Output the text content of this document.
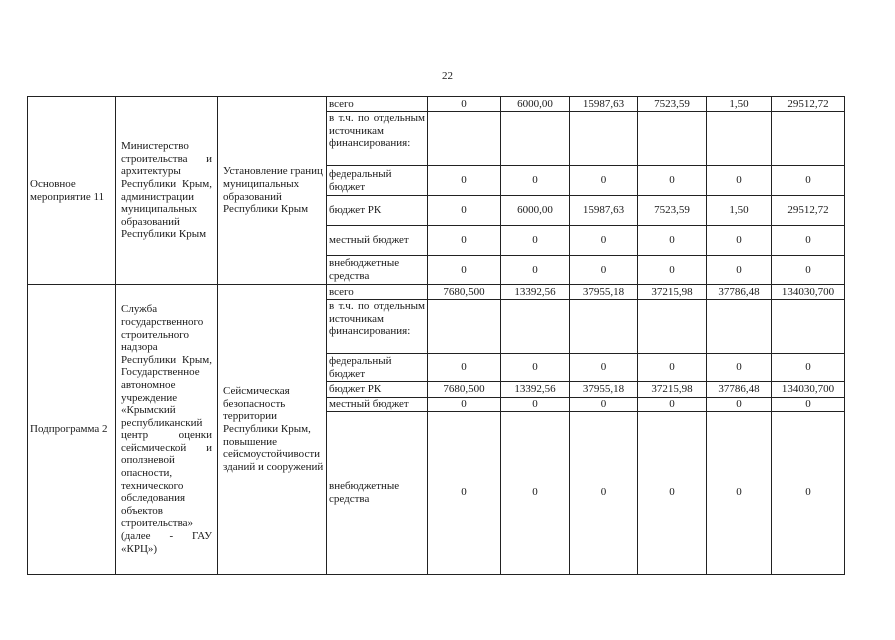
22
Основное мероприятие 11	Министерство строительства и архитектуры Республики Крым, администрации муниципальных образований Республики Крым	Установление границ муниципальных образований Республики Крым	всего	0	6000,00	15987,63	7523,59	1,50	29512,72
			в т.ч. по отдельным источникам финансирования:						
			федеральный бюджет	0	0	0	0	0	0
			бюджет РК	0	6000,00	15987,63	7523,59	1,50	29512,72
			местный бюджет	0	0	0	0	0	0
			внебюджетные средства	0	0	0	0	0	0
Подпрограмма 2	Служба государственного строительного надзора Республики Крым, Государственное автономное учреждение «Крымский республиканский центр оценки сейсмической и оползневой опасности, технического обследования объектов строительства» (далее - ГАУ «КРЦ»)	Сейсмическая безопасность территории Республики Крым, повышение сейсмоустойчивости зданий и сооружений	всего	7680,500	13392,56	37955,18	37215,98	37786,48	134030,700
			в т.ч. по отдельным источникам финансирования:						
			федеральный бюджет	0	0	0	0	0	0
			бюджет РК	7680,500	13392,56	37955,18	37215,98	37786,48	134030,700
			местный бюджет	0	0	0	0	0	0
			внебюджетные средства	0	0	0	0	0	0
